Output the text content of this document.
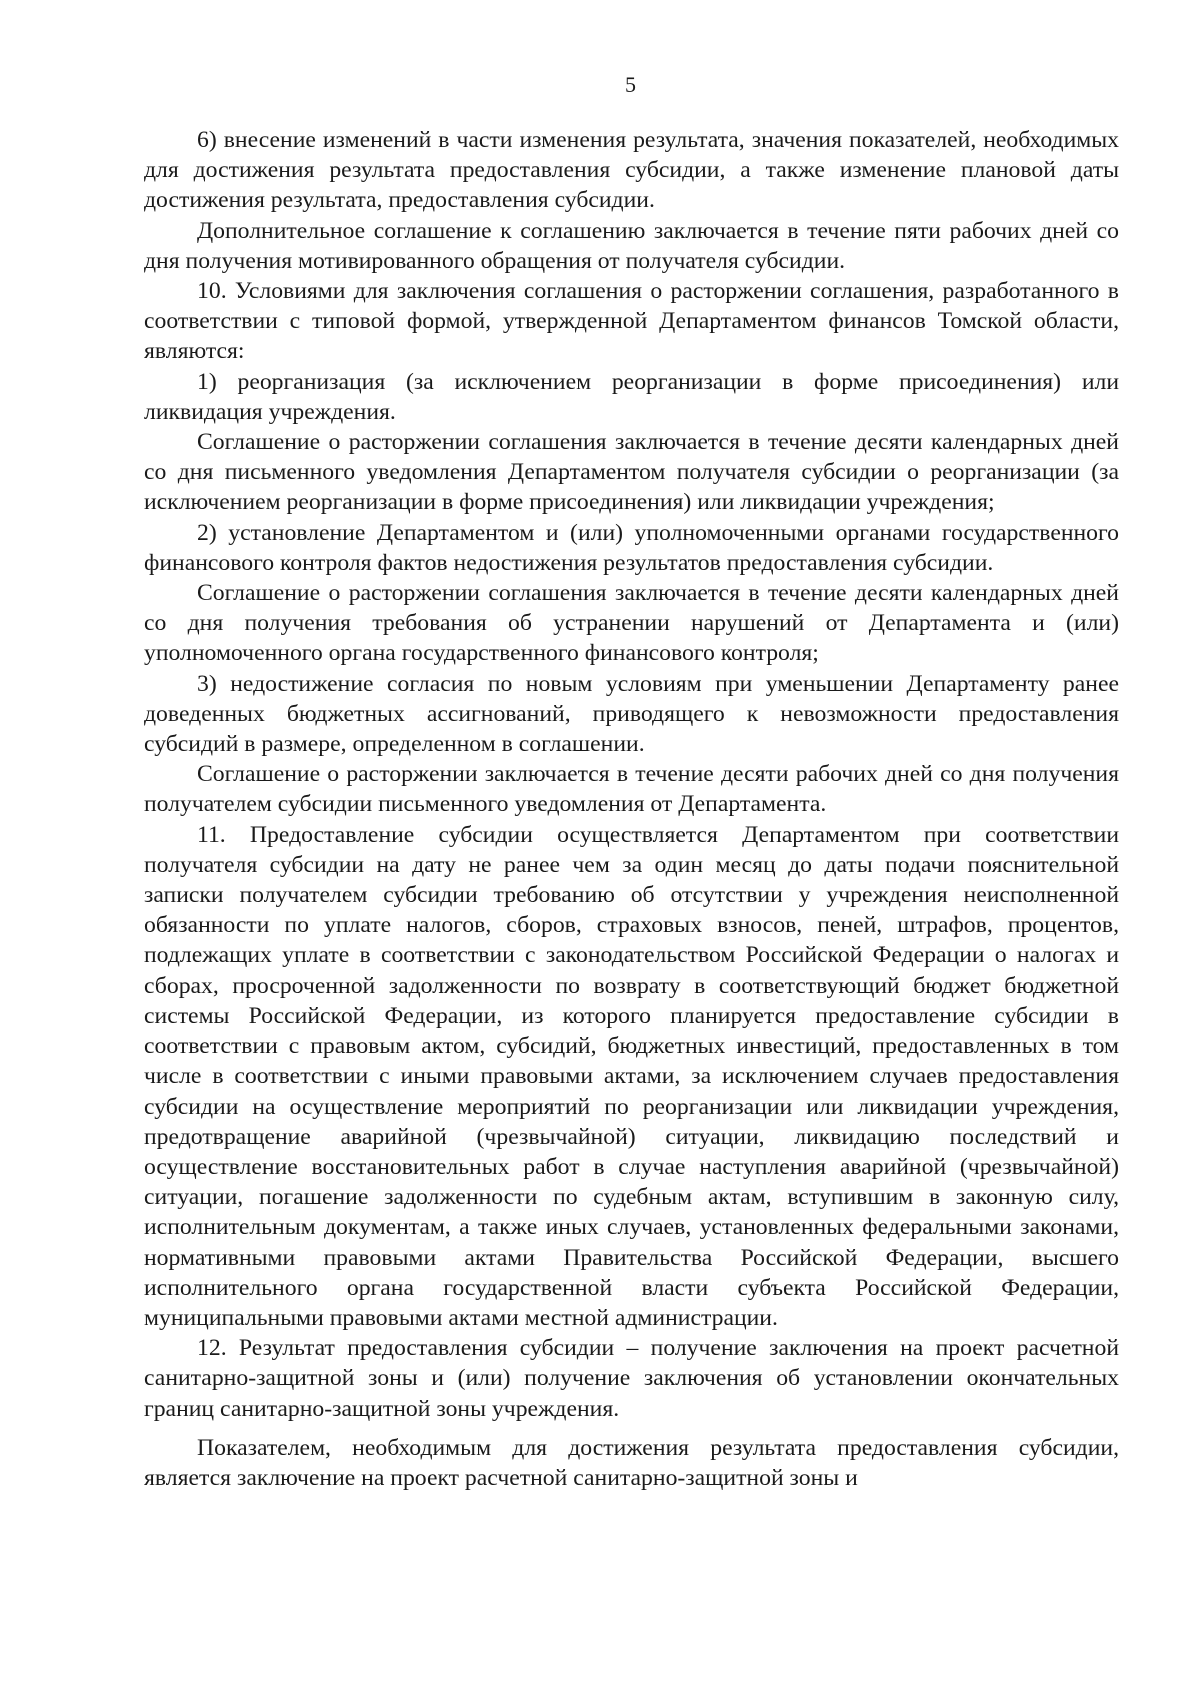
5

6) внесение изменений в части изменения результата, значения показателей, необходимых для достижения результата предоставления субсидии, а также изменение плановой даты достижения результата, предоставления субсидии.

Дополнительное соглашение к соглашению заключается в течение пяти рабочих дней со дня получения мотивированного обращения от получателя субсидии.

10. Условиями для заключения соглашения о расторжении соглашения, разработанного в соответствии с типовой формой, утвержденной Департаментом финансов Томской области, являются:

1) реорганизация (за исключением реорганизации в форме присоединения) или ликвидация учреждения.

Соглашение о расторжении соглашения заключается в течение десяти календарных дней со дня письменного уведомления Департаментом получателя субсидии о реорганизации (за исключением реорганизации в форме присоединения) или ликвидации учреждения;

2) установление Департаментом и (или) уполномоченными органами государственного финансового контроля фактов недостижения результатов предоставления субсидии.

Соглашение о расторжении соглашения заключается в течение десяти календарных дней со дня получения требования об устранении нарушений от Департамента и (или) уполномоченного органа государственного финансового контроля;

3) недостижение согласия по новым условиям при уменьшении Департаменту ранее доведенных бюджетных ассигнований, приводящего к невозможности предоставления субсидий в размере, определенном в соглашении.

Соглашение о расторжении заключается в течение десяти рабочих дней со дня получения получателем субсидии письменного уведомления от Департамента.

11. Предоставление субсидии осуществляется Департаментом при соответствии получателя субсидии на дату не ранее чем за один месяц до даты подачи пояснительной записки получателем субсидии требованию об отсутствии у учреждения неисполненной обязанности по уплате налогов, сборов, страховых взносов, пеней, штрафов, процентов, подлежащих уплате в соответствии с законодательством Российской Федерации о налогах и сборах, просроченной задолженности по возврату в соответствующий бюджет бюджетной системы Российской Федерации, из которого планируется предоставление субсидии в соответствии с правовым актом, субсидий, бюджетных инвестиций, предоставленных в том числе в соответствии с иными правовыми актами, за исключением случаев предоставления субсидии на осуществление мероприятий по реорганизации или ликвидации учреждения, предотвращение аварийной (чрезвычайной) ситуации, ликвидацию последствий и осуществление восстановительных работ в случае наступления аварийной (чрезвычайной) ситуации, погашение задолженности по судебным актам, вступившим в законную силу, исполнительным документам, а также иных случаев, установленных федеральными законами, нормативными правовыми актами Правительства Российской Федерации, высшего исполнительного органа государственной власти субъекта Российской Федерации, муниципальными правовыми актами местной администрации.

12. Результат предоставления субсидии – получение заключения на проект расчетной санитарно-защитной зоны и (или) получение заключения об установлении окончательных границ санитарно-защитной зоны учреждения.

Показателем, необходимым для достижения результата предоставления субсидии, является заключение на проект расчетной санитарно-защитной зоны и
